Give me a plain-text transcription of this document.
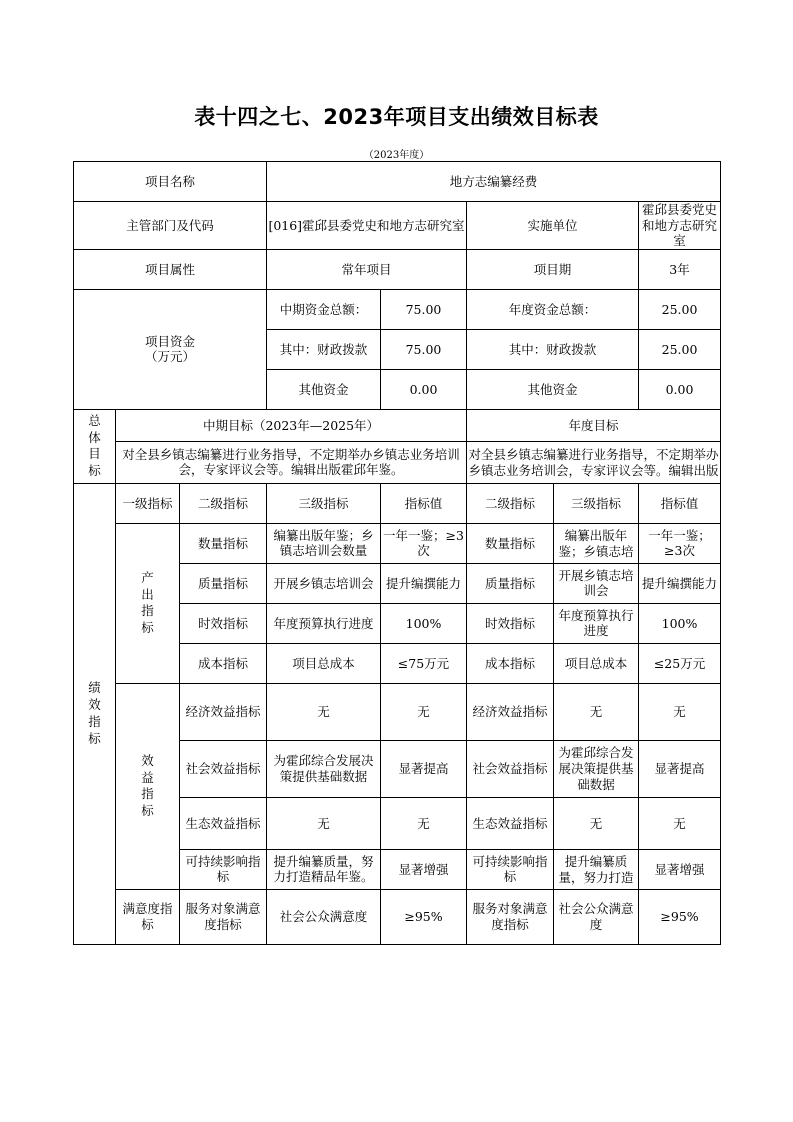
表十四之七、2023年项目支出绩效目标表
（2023年度）
项目名称			地方志编纂经费				
主管部门及代码			[016]霍邱县委党史和地方志研究室		实施单位		霍邱县委党史和地方志研究室
项目属性			常年项目		项目期		3年
项目资金
（万元）			中期资金总额：	75.00	年度资金总额：		25.00
			其中：财政拨款	75.00	其中：财政拨款		25.00
			其他资金	0.00	其他资金		0.00

总体目标	中期目标（2023年—2025年）				年度目标		

	对全县乡镇志编纂进行业务指导，不定期举办乡镇志业务培训会，专家评议会等。编辑出版霍邱年鉴。				对全县乡镇志编纂进行业务指导，不定期举办乡镇志业务培训会，专家评议会等。编辑出版		

绩效指标	一级指标	二级指标	三级指标	指标值	二级指标	三级指标	指标值

	产出指标	数量指标	编纂出版年鉴；乡镇志培训会数量	一年一鉴；≥3次	数量指标	编纂出版年鉴；乡镇志培	一年一鉴；≥3次
		质量指标	开展乡镇志培训会	提升编撰能力	质量指标	开展乡镇志培训会	提升编撰能力
		时效指标	年度预算执行进度	100%	时效指标	年度预算执行进度	100%
		成本指标	项目总成本	≤75万元	成本指标	项目总成本	≤25万元

	效益指标	经济效益指标	无	无	经济效益指标	无	无
		社会效益指标	为霍邱综合发展决策提供基础数据	显著提高	社会效益指标	为霍邱综合发展决策提供基础数据	显著提高
		生态效益指标	无	无	生态效益指标	无	无
		可持续影响指标	提升编纂质量，努力打造精品年鉴。	显著增强	可持续影响指标	提升编纂质量，努力打造	显著增强
	满意度指标	服务对象满意度指标	社会公众满意度	≥95%	服务对象满意度指标	社会公众满意度	≥95%
